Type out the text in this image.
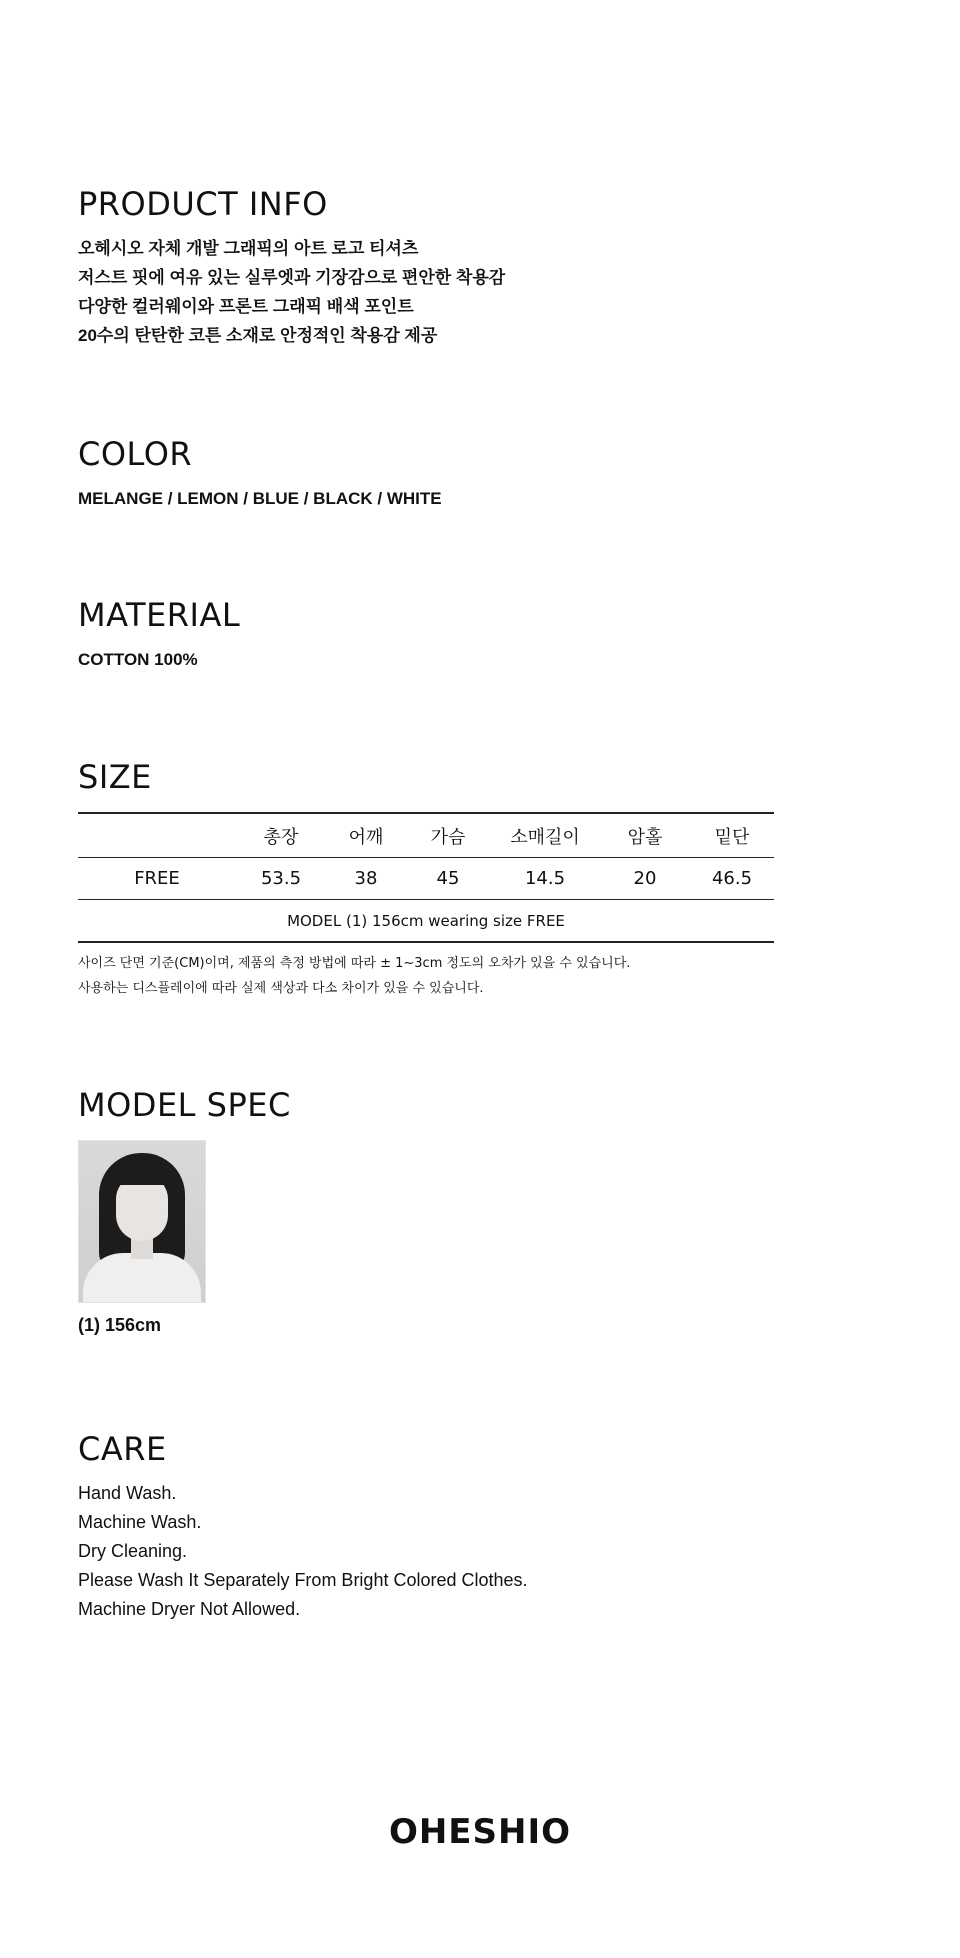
PRODUCT INFO
오헤시오 자체 개발 그래픽의 아트 로고 티셔츠
저스트 핏에 여유 있는 실루엣과 기장감으로 편안한 착용감
다양한 컬러웨이와 프론트 그래픽 배색 포인트
20수의 탄탄한 코튼 소재로 안정적인 착용감 제공
COLOR
MELANGE / LEMON / BLUE / BLACK / WHITE
MATERIAL
COTTON 100%
SIZE
	총장	어깨	가슴	소매길이	암홀	밑단
FREE	53.5	38	45	14.5	20	46.5
MODEL (1) 156cm wearing size FREE						
사이즈 단면 기준(CM)이며, 제품의 측정 방법에 따라 ± 1~3cm 정도의 오차가 있을 수 있습니다.
사용하는 디스플레이에 따라 실제 색상과 다소 차이가 있을 수 있습니다.
MODEL SPEC
(1) 156cm
CARE
Hand Wash.
Machine Wash.
Dry Cleaning.
Please Wash It Separately From Bright Colored Clothes.
Machine Dryer Not Allowed.
OHESHIO
